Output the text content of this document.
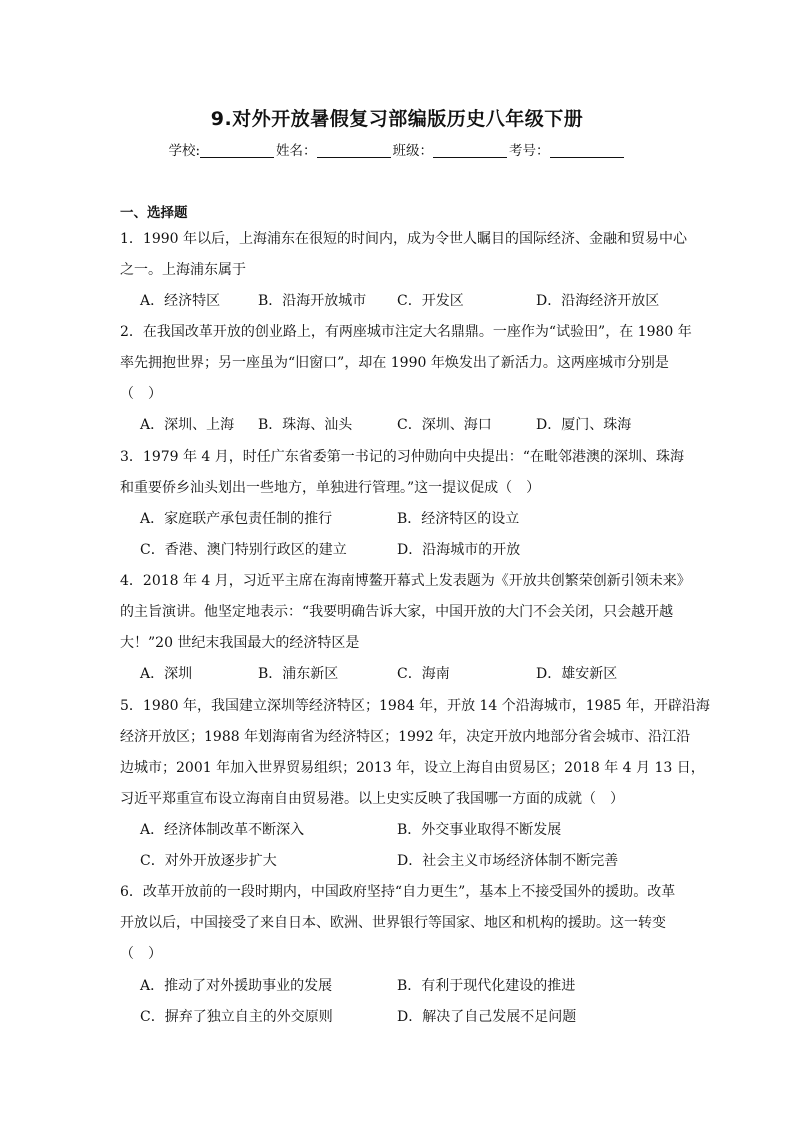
9.对外开放暑假复习部编版历史八年级下册
学校:	姓名：	班级：	考号：
一、选择题
1．1990 年以后，上海浦东在很短的时间内，成为令世人瞩目的国际经济、金融和贸易中心
之一。上海浦东属于
A．经济特区	B．沿海开放城市 C．开发区	D．沿海经济开放区
2．在我国改革开放的创业路上，有两座城市注定大名鼎鼎。一座作为“试验田”，在 1980 年
率先拥抱世界；另一座虽为“旧窗口”，却在 1990 年焕发出了新活力。这两座城市分别是
（　）
A．深圳、上海 B．珠海、汕头	C．深圳、海口	D．厦门、珠海
3．1979 年 4 月，时任广东省委第一书记的习仲勋向中央提出：“在毗邻港澳的深圳、珠海
和重要侨乡汕头划出一些地方，单独进行管理。”这一提议促成（　）
A．家庭联产承包责任制的推行	B．经济特区的设立
C．香港、澳门特别行政区的建立	D．沿海城市的开放
4．2018 年 4 月，习近平主席在海南博鳌开幕式上发表题为《开放共创繁荣创新引领未来》
的主旨演讲。他坚定地表示：“我要明确告诉大家，中国开放的大门不会关闭，只会越开越
大！”20 世纪末我国最大的经济特区是
A．深圳	B．浦东新区	C．海南	D．雄安新区
5．1980 年，我国建立深圳等经济特区；1984 年，开放 14 个沿海城市，1985 年，开辟沿海
经济开放区；1988 年划海南省为经济特区；1992 年，决定开放内地部分省会城市、沿江沿
边城市；2001 年加入世界贸易组织；2013 年，设立上海自由贸易区；2018 年 4 月 13 日，
习近平郑重宣布设立海南自由贸易港。以上史实反映了我国哪一方面的成就（　）
A．经济体制改革不断深入	B．外交事业取得不断发展
C．对外开放逐步扩大	D．社会主义市场经济体制不断完善
6．改革开放前的一段时期内，中国政府坚持“自力更生”，基本上不接受国外的援助。改革
开放以后，中国接受了来自日本、欧洲、世界银行等国家、地区和机构的援助。这一转变
（　）
A．推动了对外援助事业的发展	B．有利于现代化建设的推进
C．摒弃了独立自主的外交原则	D．解决了自己发展不足问题
